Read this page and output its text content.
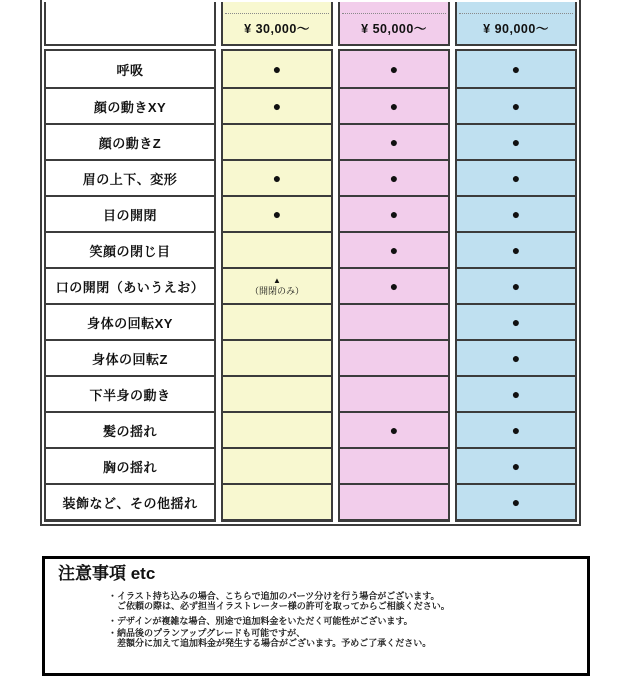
呼吸
顔の動きXY
顔の動きZ
眉の上下、変形
目の開閉
笑顔の閉じ目
口の開閉（あいうえお）
身体の回転XY
身体の回転Z
下半身の動き
髪の揺れ
胸の揺れ
装飾など、その他揺れ
¥ 30,000～
●
●
●
●
▲
（開閉のみ）
¥ 50,000～
●
●
●
●
●
●
●
●
¥ 90,000～
●
●
●
●
●
●
●
●
●
●
●
●
●
注意事項 etc
・イラスト持ち込みの場合、こちらで追加のパーツ分けを行う場合がございます。
　ご依頼の際は、必ず担当イラストレーター様の許可を取ってからご相談ください。
・デザインが複雑な場合、別途で追加料金をいただく可能性がございます。
・納品後のプランアップグレードも可能ですが、
　差額分に加えて追加料金が発生する場合がございます。予めご了承ください。
